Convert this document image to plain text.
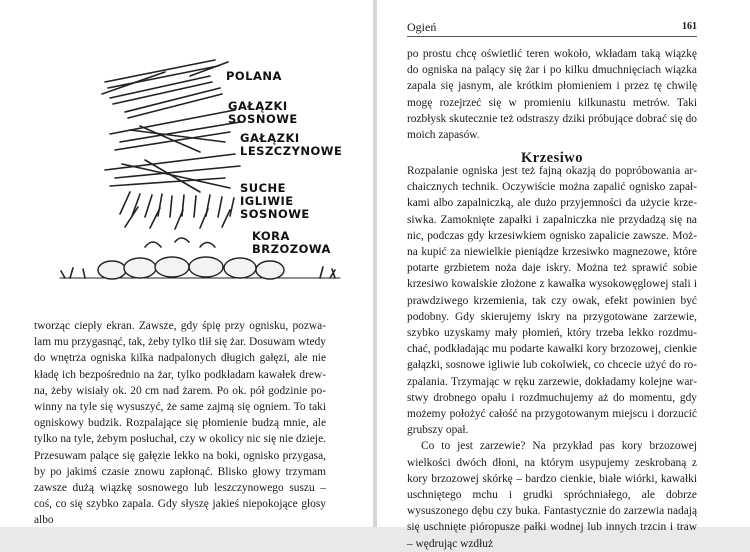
POLANA
GAŁĄZKI
SOSNOWE
GAŁĄZKI
LESZCZYNOWE
SUCHE
IGLIWIE
SOSNOWE
KORA
BRZOZOWA

tworząc ciepły ekran. Zawsze, gdy śpię przy ognisku, pozwalam mu przygasnąć, tak, żeby tylko tlił się żar. Dosuwam wtedy do wnętrza ogniska kilka nadpalonych długich gałęzi, ale nie kładę ich bezpośrednio na żar, tylko podkładam kawałek drewna, żeby wisiały ok. 20 cm nad żarem. Po ok. pół godzinie powinny na tyle się wysuszyć, że same zajmą się ogniem. To taki ogniskowy budzik. Rozpalające się płomienie budzą mnie, ale tylko na tyle, żebym posłuchał, czy w okolicy nic się nie dzieje. Przesuwam palące się gałęzie lekko na boki, ognisko przygasa, by po jakimś czasie znowu zapłonąć. Blisko głowy trzymam zawsze dużą wiązkę sosnowego lub leszczynowego suszu – coś, co się szybko zapala. Gdy słyszę jakieś niepokojące głosy albo

Ogień	161

po prostu chcę oświetlić teren wokoło, wkładam taką wiązkę do ogniska na palący się żar i po kilku dmuchnięciach wiązka zapala się jasnym, ale krótkim płomieniem i przez tę chwilę mogę rozejrzeć się w promieniu kilkunastu metrów. Taki rozbłysk skutecznie też odstraszy dziki próbujące dobrać się do moich zapasów.

Krzesiwo

Rozpalanie ogniska jest też fajną okazją do popróbowania archaicznych technik. Oczywiście można zapalić ognisko zapałkami albo zapalniczką, ale dużo przyjemności da użycie krzesiwka. Zamoknięte zapałki i zapalniczka nie przydadzą się na nic, podczas gdy krzesiwkiem ognisko zapalicie zawsze. Można kupić za niewielkie pieniądze krzesiwko magnezowe, które potarte grzbietem noża daje iskry. Można też sprawić sobie krzesiwo kowalskie złożone z kawałka wysokowęglowej stali i prawdziwego krzemienia, tak czy owak, efekt powinien być podobny. Gdy skierujemy iskry na przygotowane zarzewie, szybko uzyskamy mały płomień, który trzeba lekko rozdmuchać, podkładając mu podarte kawałki kory brzozowej, cienkie gałązki, sosnowe igliwie lub cokolwiek, co chcecie użyć do rozpalania. Trzymając w ręku zarzewie, dokładamy kolejne warstwy drobnego opału i rozdmuchujemy aż do momentu, gdy możemy położyć całość na przygotowanym miejscu i dorzucić grubszy opał.

Co to jest zarzewie? Na przykład pas kory brzozowej wielkości dwóch dłoni, na którym usypujemy zeskrobaną z kory brzozowej skórkę – bardzo cienkie, białe wiórki, kawałki uschniętego mchu i grudki spróchniałego, ale dobrze wysuszonego dębu czy buka. Fantastycznie do zarzewia nadają się uschnięte pióropusze pałki wodnej lub innych trzcin i traw – wędrując wzdłuż
